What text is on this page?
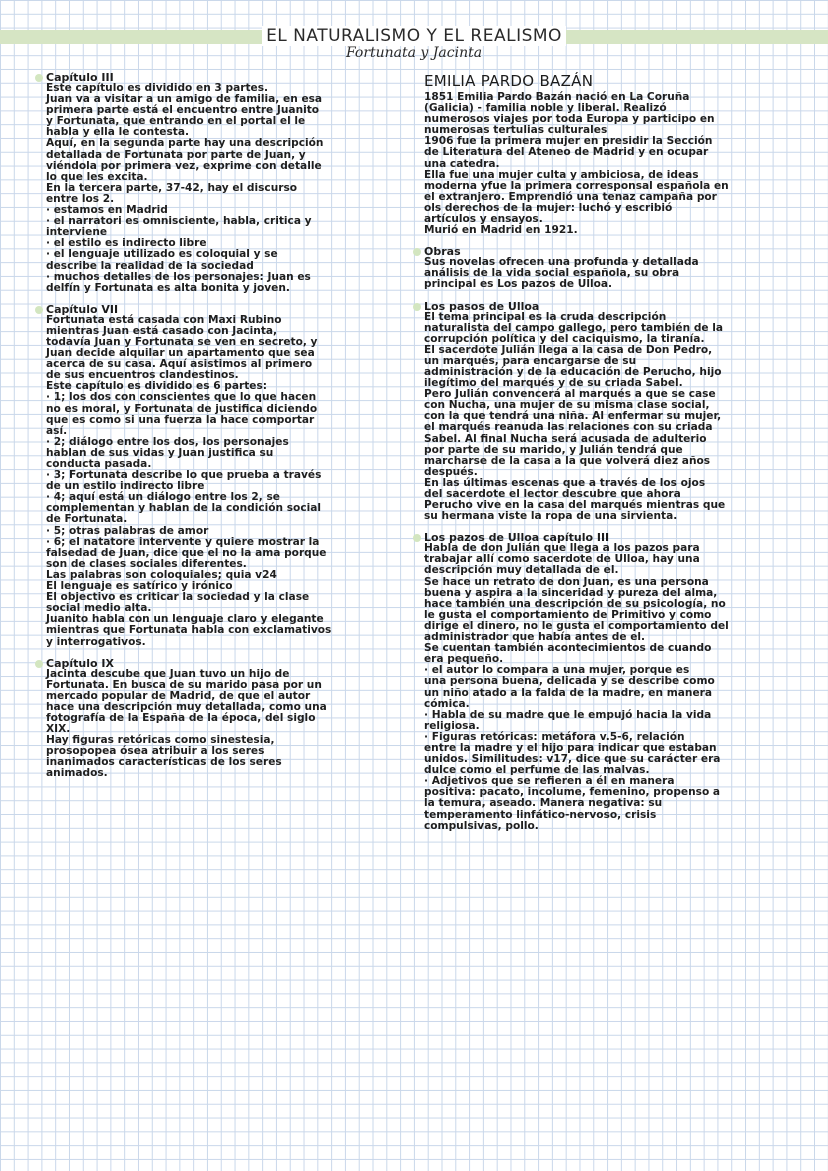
EL NATURALISMO Y EL REALISMO
Fortunata y Jacinta
Capítulo III
Este capítulo es dividido en 3 partes.
Juan va a visitar a un amigo de familia, en esa
primera parte está el encuentro entre Juanito
y Fortunata, que entrando en el portal el le
habla y ella le contesta.
Aquí, en la segunda parte hay una descripción
detallada de Fortunata por parte de Juan, y
viéndola por primera vez, exprime con detalle
lo que les excita.
En la tercera parte, 37-42, hay el discurso
entre los 2.
· estamos en Madrid
· el narratori es omnisciente, habla, critica y
interviene
· el estilo es indirecto libre
· el lenguaje utilizado es coloquial y se
describe la realidad de la sociedad
· muchos detalles de los personajes: Juan es
delfín y Fortunata es alta bonita y joven.
Capítulo VII
Fortunata está casada con Maxi Rubino
mientras Juan está casado con Jacinta,
todavía Juan y Fortunata se ven en secreto, y
Juan decide alquilar un apartamento que sea
acerca de su casa. Aquí asistimos al primero
de sus encuentros clandestinos.
Este capítulo es dividido es 6 partes:
· 1; los dos con conscientes que lo que hacen
no es moral, y Fortunata de justifica diciendo
que es como si una fuerza la hace comportar
así.
· 2; diálogo entre los dos, los personajes
hablan de sus vidas y Juan justifica su
conducta pasada.
· 3; Fortunata describe lo que prueba a través
de un estilo indirecto libre
· 4; aquí está un diálogo entre los 2, se
complementan y hablan de la condición social
de Fortunata.
· 5; otras palabras de amor
· 6; el natatore intervente y quiere mostrar la
falsedad de Juan, dice que el no la ama porque
son de clases sociales diferentes.
Las palabras son coloquiales; quia v24
El lenguaje es satírico y irónico
El objectivo es criticar la sociedad y la clase
social medio alta.
Juanito habla con un lenguaje claro y elegante
mientras que Fortunata habla con exclamativos
y interrogativos.
Capítulo IX
Jacinta descube que Juan tuvo un hijo de
Fortunata. En busca de su marido pasa por un
mercado popular de Madrid, de que el autor
hace una descripción muy detallada, como una
fotografía de la España de la época, del siglo
XIX.
Hay figuras retóricas como sinestesia,
prosopopea ósea atribuir a los seres
inanimados características de los seres
animados.
EMILIA PARDO BAZÁN
1851 Emilia Pardo Bazán nació en La Coruña
(Galicia) - familia noble y liberal. Realizó
numerosos viajes por toda Europa y participo en
numerosas tertulias culturales
1906 fue la primera mujer en presidir la Sección
de Literatura del Ateneo de Madrid y en ocupar
una catedra.
Ella fue una mujer culta y ambiciosa, de ideas
moderna yfue la primera corresponsal española en
el extranjero. Emprendió una tenaz campaña por
ols derechos de la mujer: luchó y escribió
artículos y ensayos.
Murió en Madrid en 1921.
Obras
Sus novelas ofrecen una profunda y detallada
análisis de la vida social española, su obra
principal es Los pazos de Ulloa.
Los pasos de Ulloa
El tema principal es la cruda descripción
naturalista del campo gallego, pero también de la
corrupción política y del caciquismo, la tiranía.
El sacerdote Julián llega a la casa de Don Pedro,
un marqués, para encargarse de su
administración y de la educación de Perucho, hijo
ilegítimo del marqués y de su criada Sabel.
Pero Julián convencerá al marqués a que se case
con Nucha, una mujer de su misma clase social,
con la que tendrá una niña. Al enfermar su mujer,
el marqués reanuda las relaciones con su criada
Sabel. Al final Nucha será acusada de adulterio
por parte de su marido, y Julián tendrá que
marcharse de la casa a la que volverá diez años
después.
En las últimas escenas que a través de los ojos
del sacerdote el lector descubre que ahora
Perucho vive en la casa del marqués mientras que
su hermana viste la ropa de una sirvienta.
Los pazos de Ulloa capítulo III
Habla de don Julián que llega a los pazos para
trabajar allí como sacerdote de Ulloa, hay una
descripción muy detallada de el.
Se hace un retrato de don Juan, es una persona
buena y aspira a la sinceridad y pureza del alma,
hace también una descripción de su psicología, no
le gusta el comportamiento de Primitivo y como
dirige el dinero, no le gusta el comportamiento del
administrador que había antes de el.
Se cuentan también acontecimientos de cuando
era pequeño.
· el autor lo compara a una mujer, porque es
una persona buena, delicada y se describe como
un niño atado a la falda de la madre, en manera
cómica.
· Habla de su madre que le empujó hacia la vida
religiosa.
· Figuras retóricas: metáfora v.5-6, relación
entre la madre y el hijo para indicar que estaban
unidos. Similitudes: v17, dice que su carácter era
dulce como el perfume de las malvas.
· Adjetivos que se refieren a él en manera
positiva: pacato, incolume, femenino, propenso a
la temura, aseado. Manera negativa: su
temperamento linfático-nervoso, crisis
compulsivas, pollo.
